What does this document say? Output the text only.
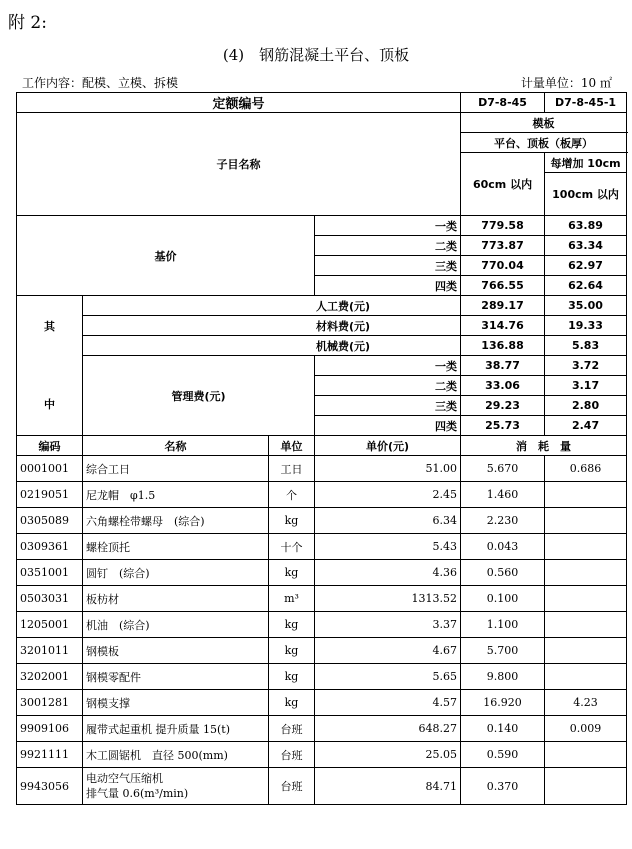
附 2:
(4)　钢筋混凝土平台、顶板
工作内容：配模、立模、拆模	计量单位：10 ㎡
定额编号				D7-8-45	D7-8-45-1	
子目名称				模板		
				平台、顶板（板厚）		
				60cm 以内	每增加 10cm	
					100cm 以内	
基价			一类	779.58	63.89	
			二类	773.87	63.34	
			三类	770.04	62.97	
			四类	766.55	62.64	
其

中	人工费(元)			289.17	35.00	
	材料费(元)			314.76	19.33	
	机械费(元)			136.88	5.83	
	管理费(元)		一类	38.77	3.72	
			二类	33.06	3.17	
			三类	29.23	2.80	
			四类	25.73	2.47	
编码	名称	单位	单价(元)	消　耗　量		
0001001	综合工日	工日	51.00	5.670	0.686	
0219051	尼龙帽　φ1.5	个	2.45	1.460		
0305089	六角螺栓带螺母　(综合)	kg	6.34	2.230		
0309361	螺栓顶托	十个	5.43	0.043		
0351001	圆钉　(综合)	kg	4.36	0.560		
0503031	板枋材	m³	1313.52	0.100		
1205001	机油　(综合)	kg	3.37	1.100		
3201011	钢模板	kg	4.67	5.700		
3202001	钢模零配件	kg	5.65	9.800		
3001281	钢模支撑	kg	4.57	16.920	4.23	
9909106	履带式起重机 提升质量 15(t)	台班	648.27	0.140	0.009	
9921111	木工圆锯机　直径 500(mm)	台班	25.05	0.590		
9943056	电动空气压缩机
排气量 0.6(m³/min)	台班	84.71	0.370		
